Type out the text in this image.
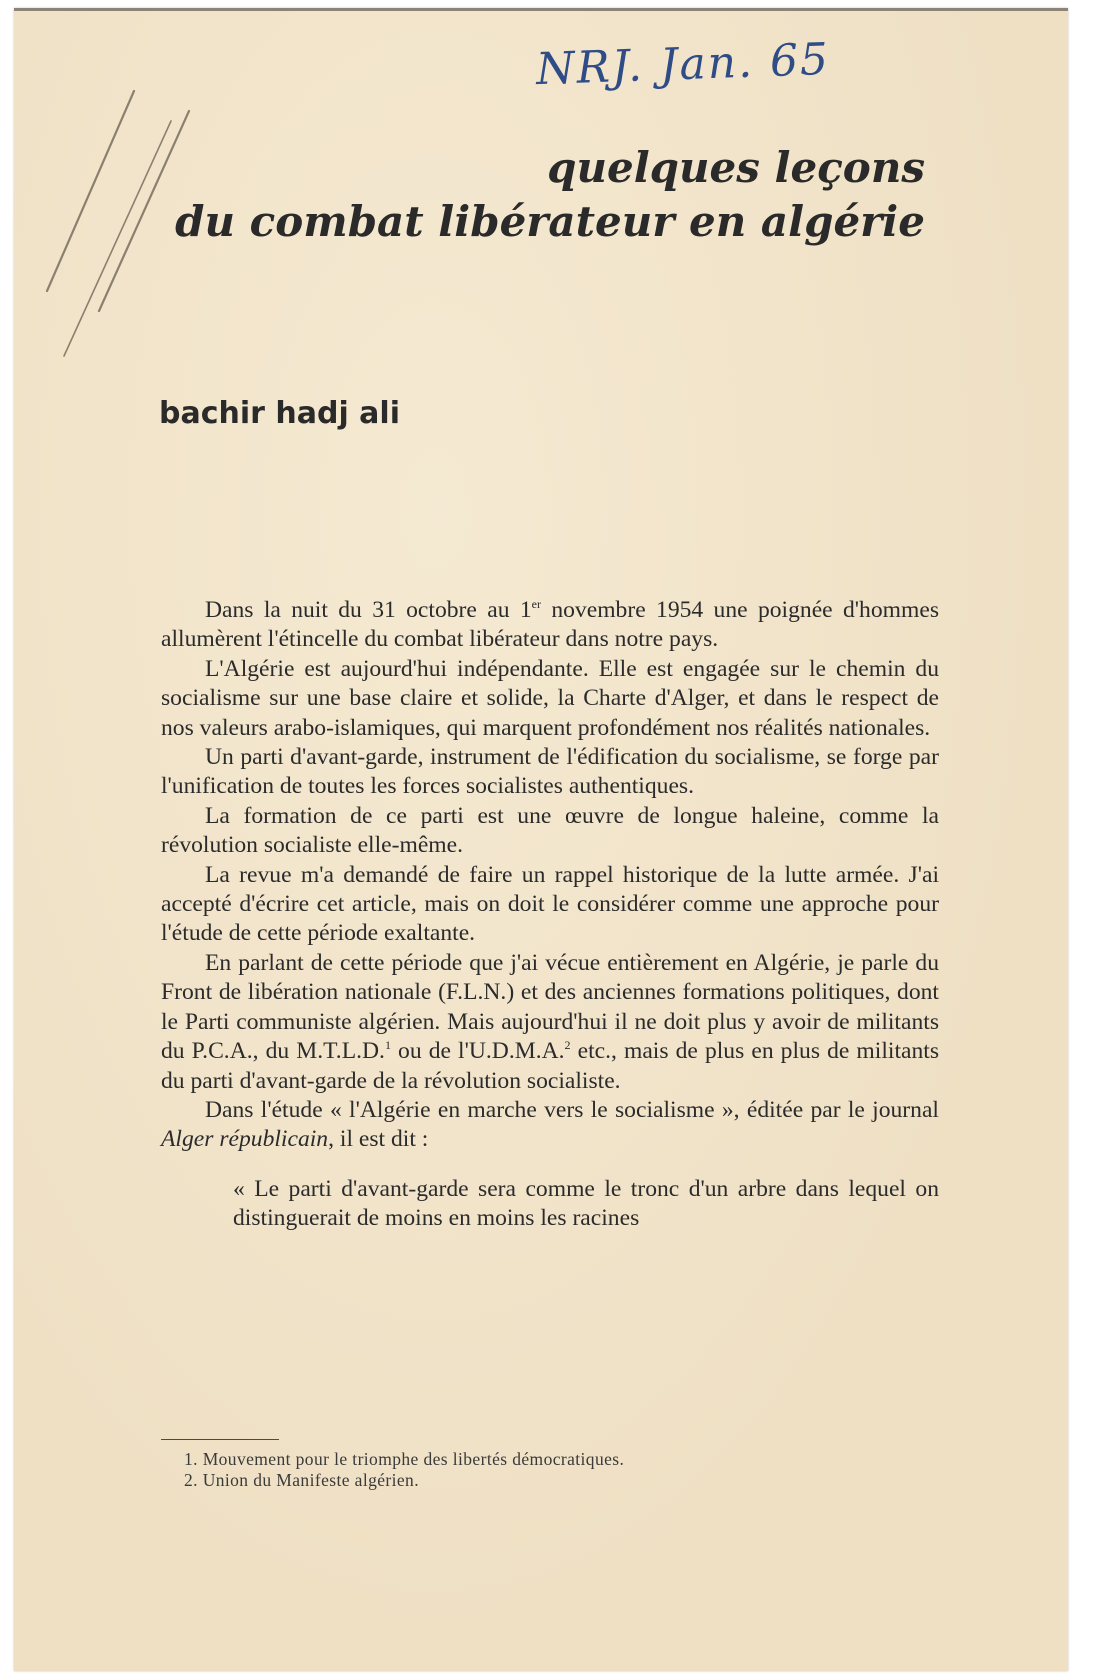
NRJ. Jan. 65
quelques leçons
du combat libérateur en algérie
bachir hadj ali

Dans la nuit du 31 octobre au 1er novembre 1954 une poignée d'hommes allumèrent l'étincelle du combat libérateur dans notre pays.

L'Algérie est aujourd'hui indépendante. Elle est engagée sur le chemin du socialisme sur une base claire et solide, la Charte d'Alger, et dans le respect de nos valeurs arabo-islamiques, qui marquent profondément nos réalités nationales.

Un parti d'avant-garde, instrument de l'édification du socialisme, se forge par l'unification de toutes les forces socialistes authentiques.

La formation de ce parti est une œuvre de longue haleine, comme la révolution socialiste elle-même.

La revue m'a demandé de faire un rappel historique de la lutte armée. J'ai accepté d'écrire cet article, mais on doit le considérer comme une approche pour l'étude de cette période exaltante.

En parlant de cette période que j'ai vécue entièrement en Algérie, je parle du Front de libération nationale (F.L.N.) et des anciennes formations politiques, dont le Parti communiste algérien. Mais aujourd'hui il ne doit plus y avoir de militants du P.C.A., du M.T.L.D.$^1$ ou de l'U.D.M.A.$^2$ etc., mais de plus en plus de militants du parti d'avant-garde de la révolution socialiste.

Dans l'étude « l'Algérie en marche vers le socialisme », éditée par le journal Alger républicain, il est dit :

« Le parti d'avant-garde sera comme le tronc d'un arbre dans lequel on distinguerait de moins en moins les racines

1. Mouvement pour le triomphe des libertés démocratiques.
2. Union du Manifeste algérien.
